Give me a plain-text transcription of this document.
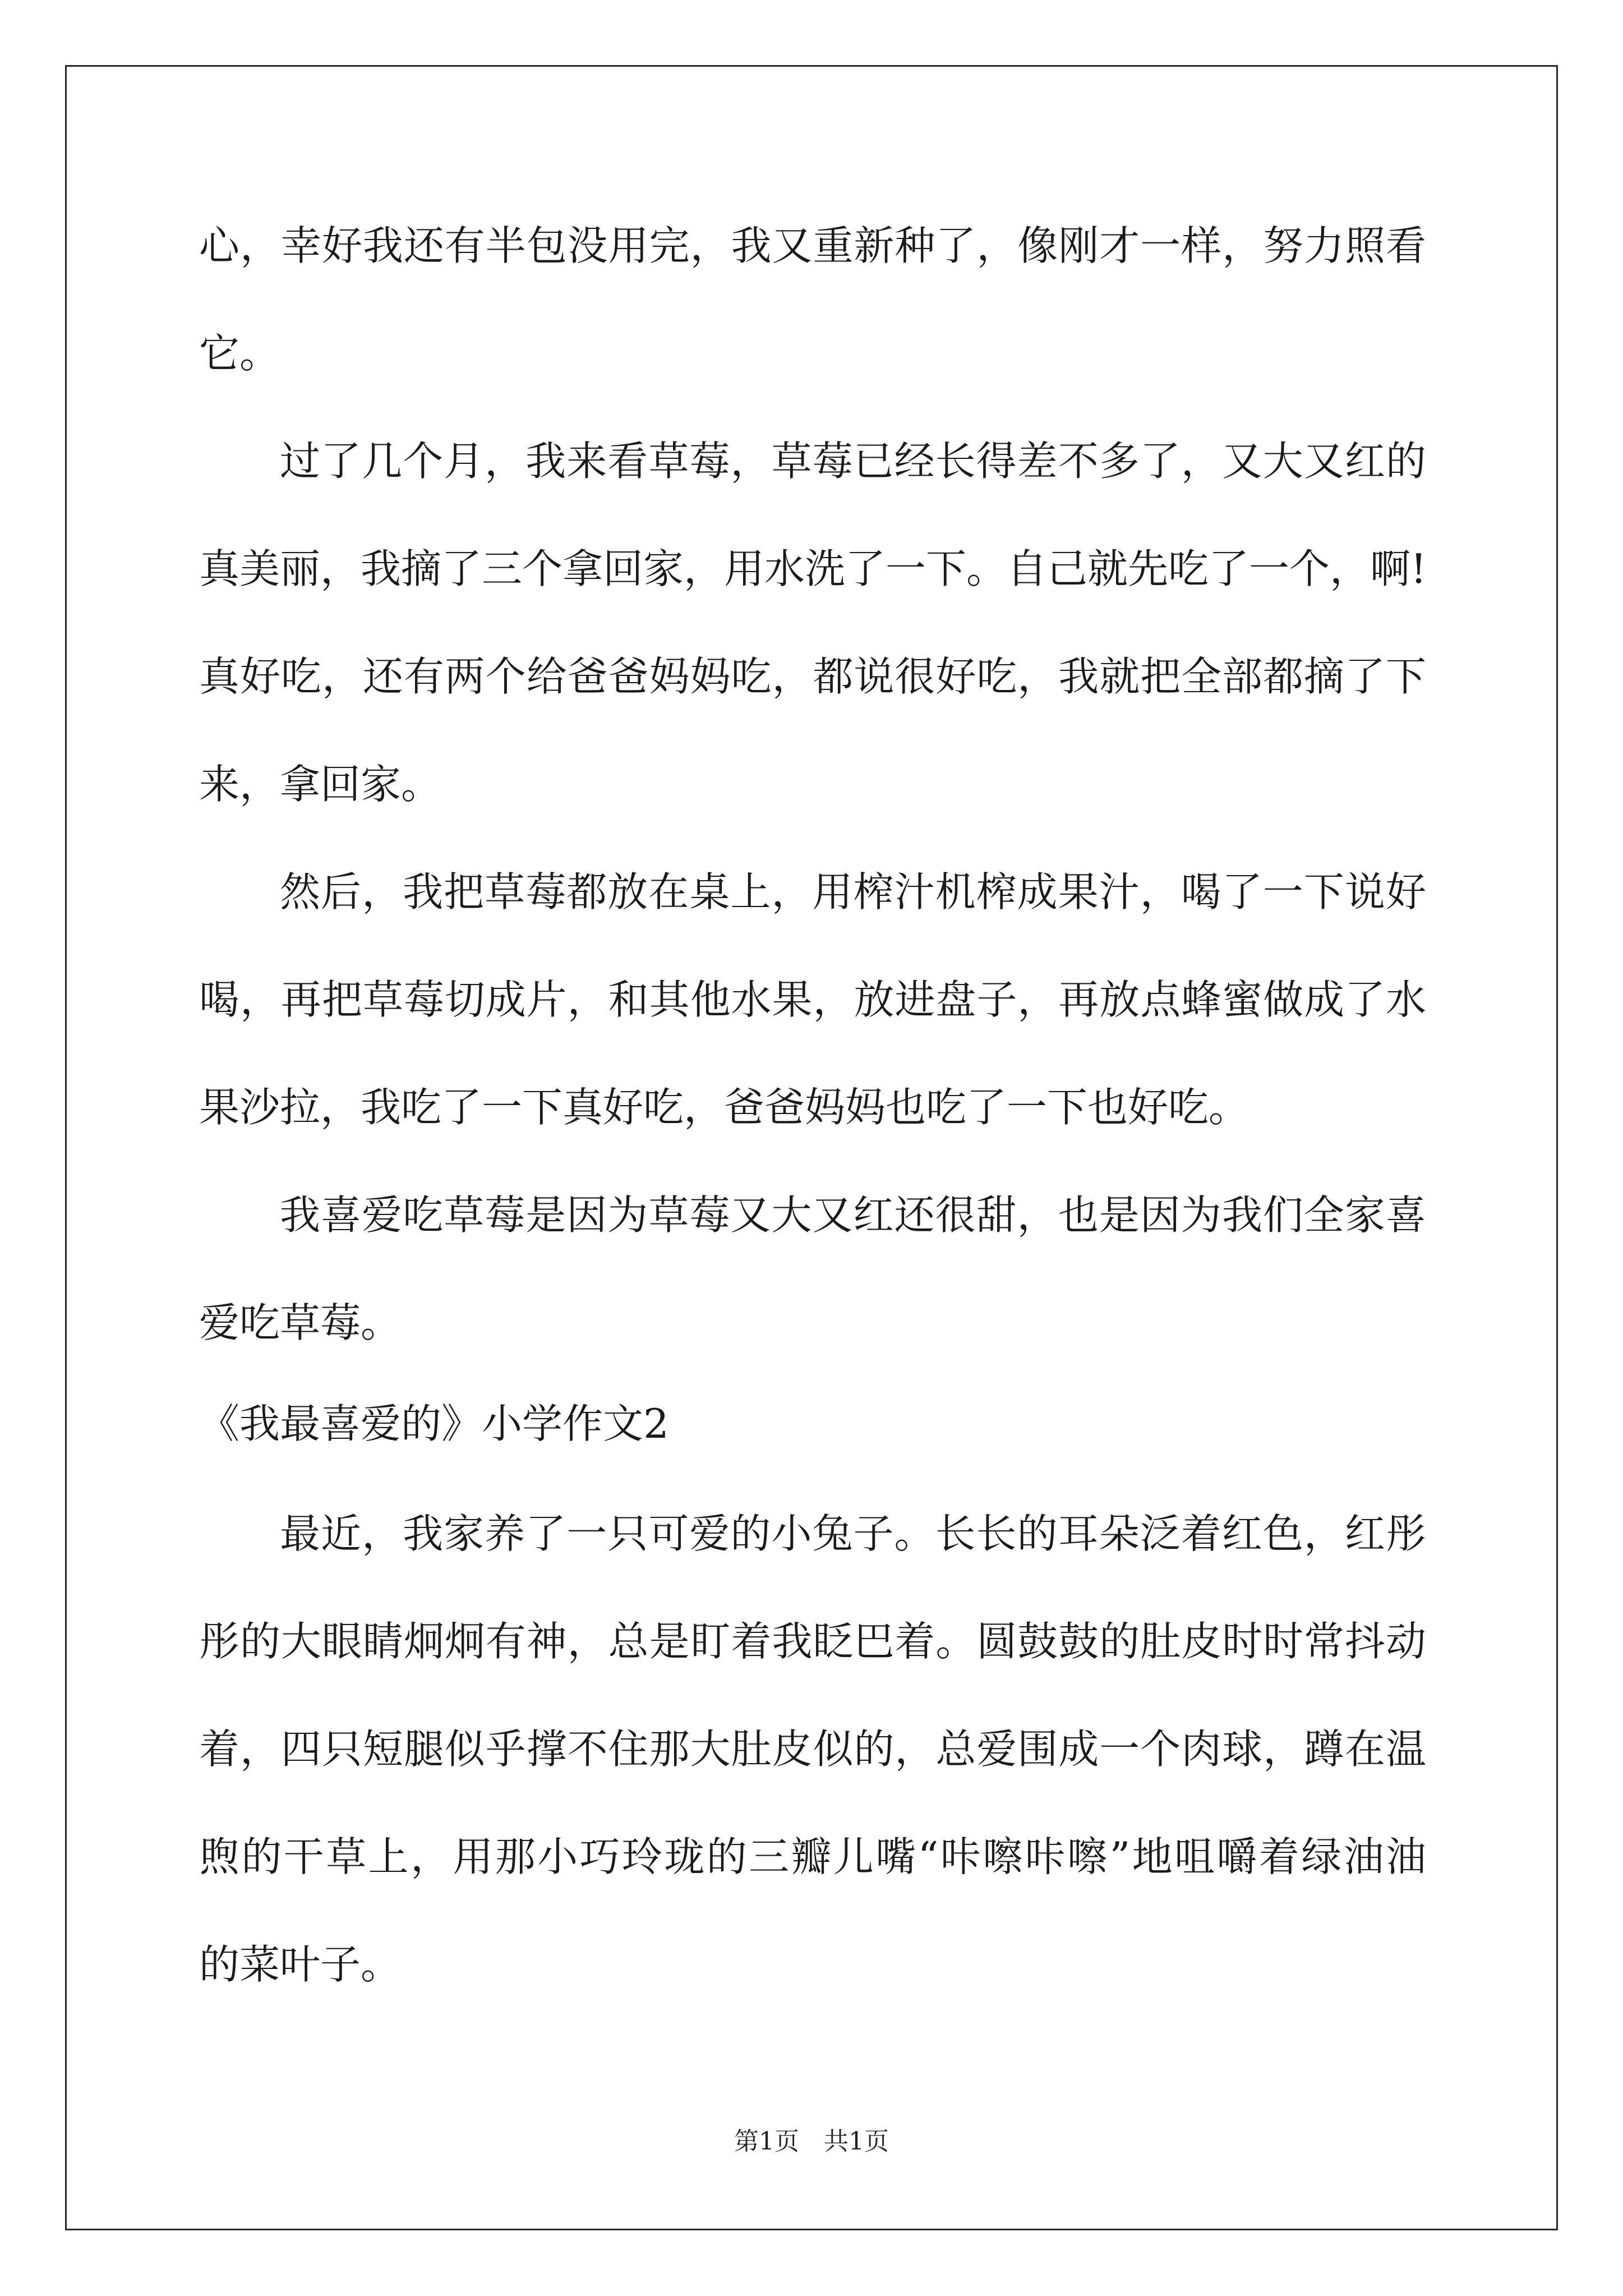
心，幸好我还有半包没用完，我又重新种了，像刚才一样，努力照看
它。
过了几个月，我来看草莓，草莓已经长得差不多了，又大又红的
真美丽，我摘了三个拿回家，用水洗了一下。自己就先吃了一个，啊!
真好吃，还有两个给爸爸妈妈吃，都说很好吃，我就把全部都摘了下
来，拿回家。
然后，我把草莓都放在桌上，用榨汁机榨成果汁，喝了一下说好
喝，再把草莓切成片，和其他水果，放进盘子，再放点蜂蜜做成了水
果沙拉，我吃了一下真好吃，爸爸妈妈也吃了一下也好吃。
我喜爱吃草莓是因为草莓又大又红还很甜，也是因为我们全家喜
爱吃草莓。
《我最喜爱的》小学作文2
最近，我家养了一只可爱的小兔子。长长的耳朵泛着红色，红彤
彤的大眼睛炯炯有神，总是盯着我眨巴着。圆鼓鼓的肚皮时时常抖动
着，四只短腿似乎撑不住那大肚皮似的，总爱围成一个肉球，蹲在温
煦的干草上，用那小巧玲珑的三瓣儿嘴“咔嚓咔嚓”地咀嚼着绿油油
的菜叶子。
第1页 共1页
